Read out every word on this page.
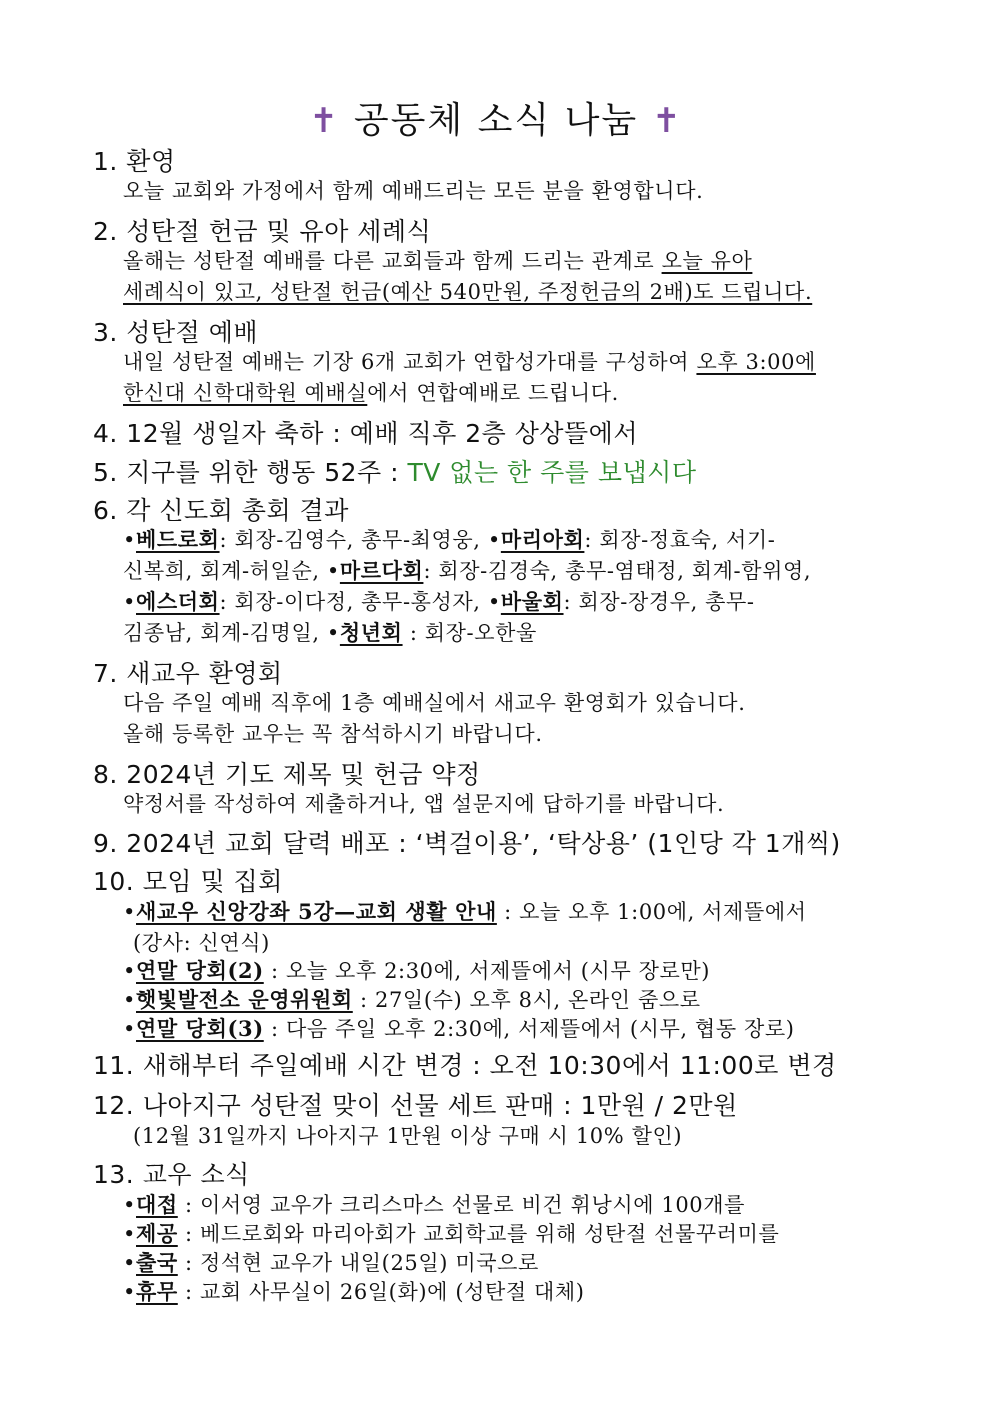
✝ 공동체 소식 나눔 ✝
1. 환영
오늘 교회와 가정에서 함께 예배드리는 모든 분을 환영합니다.
2. 성탄절 헌금 및 유아 세례식
올해는 성탄절 예배를 다른 교회들과 함께 드리는 관계로 오늘 유아
세례식이 있고, 성탄절 헌금(예산 540만원, 주정헌금의 2배)도 드립니다.
3. 성탄절 예배
내일 성탄절 예배는 기장 6개 교회가 연합성가대를 구성하여 오후 3:00에
한신대 신학대학원 예배실에서 연합예배로 드립니다.
4. 12월 생일자 축하 : 예배 직후 2층 상상뜰에서
5. 지구를 위한 행동 52주 : TV 없는 한 주를 보냅시다
6. 각 신도회 총회 결과
•베드로회: 회장-김영수, 총무-최영웅, •마리아회: 회장-정효숙, 서기-
신복희, 회계-허일순, •마르다회: 회장-김경숙, 총무-염태정, 회계-함위영,
•에스더회: 회장-이다정, 총무-홍성자, •바울회: 회장-장경우, 총무-
김종남, 회계-김명일, •청년회 : 회장-오한울
7. 새교우 환영회
다음 주일 예배 직후에 1층 예배실에서 새교우 환영회가 있습니다.
올해 등록한 교우는 꼭 참석하시기 바랍니다.
8. 2024년 기도 제목 및 헌금 약정
약정서를 작성하여 제출하거나, 앱 설문지에 답하기를 바랍니다.
9. 2024년 교회 달력 배포 : ‘벽걸이용’, ‘탁상용’ (1인당 각 1개씩)
10. 모임 및 집회
•새교우 신앙강좌 5강—교회 생활 안내 : 오늘 오후 1:00에, 서제뜰에서
(강사: 신연식)
•연말 당회(2) : 오늘 오후 2:30에, 서제뜰에서 (시무 장로만)
•햇빛발전소 운영위원회 : 27일(수) 오후 8시, 온라인 줌으로
•연말 당회(3) : 다음 주일 오후 2:30에, 서제뜰에서 (시무, 협동 장로)
11. 새해부터 주일예배 시간 변경 : 오전 10:30에서 11:00로 변경
12. 나아지구 성탄절 맞이 선물 세트 판매 : 1만원 / 2만원
(12월 31일까지 나아지구 1만원 이상 구매 시 10% 할인)
13. 교우 소식
•대접 : 이서영 교우가 크리스마스 선물로 비건 휘낭시에 100개를
•제공 : 베드로회와 마리아회가 교회학교를 위해 성탄절 선물꾸러미를
•출국 : 정석현 교우가 내일(25일) 미국으로
•휴무 : 교회 사무실이 26일(화)에 (성탄절 대체)
